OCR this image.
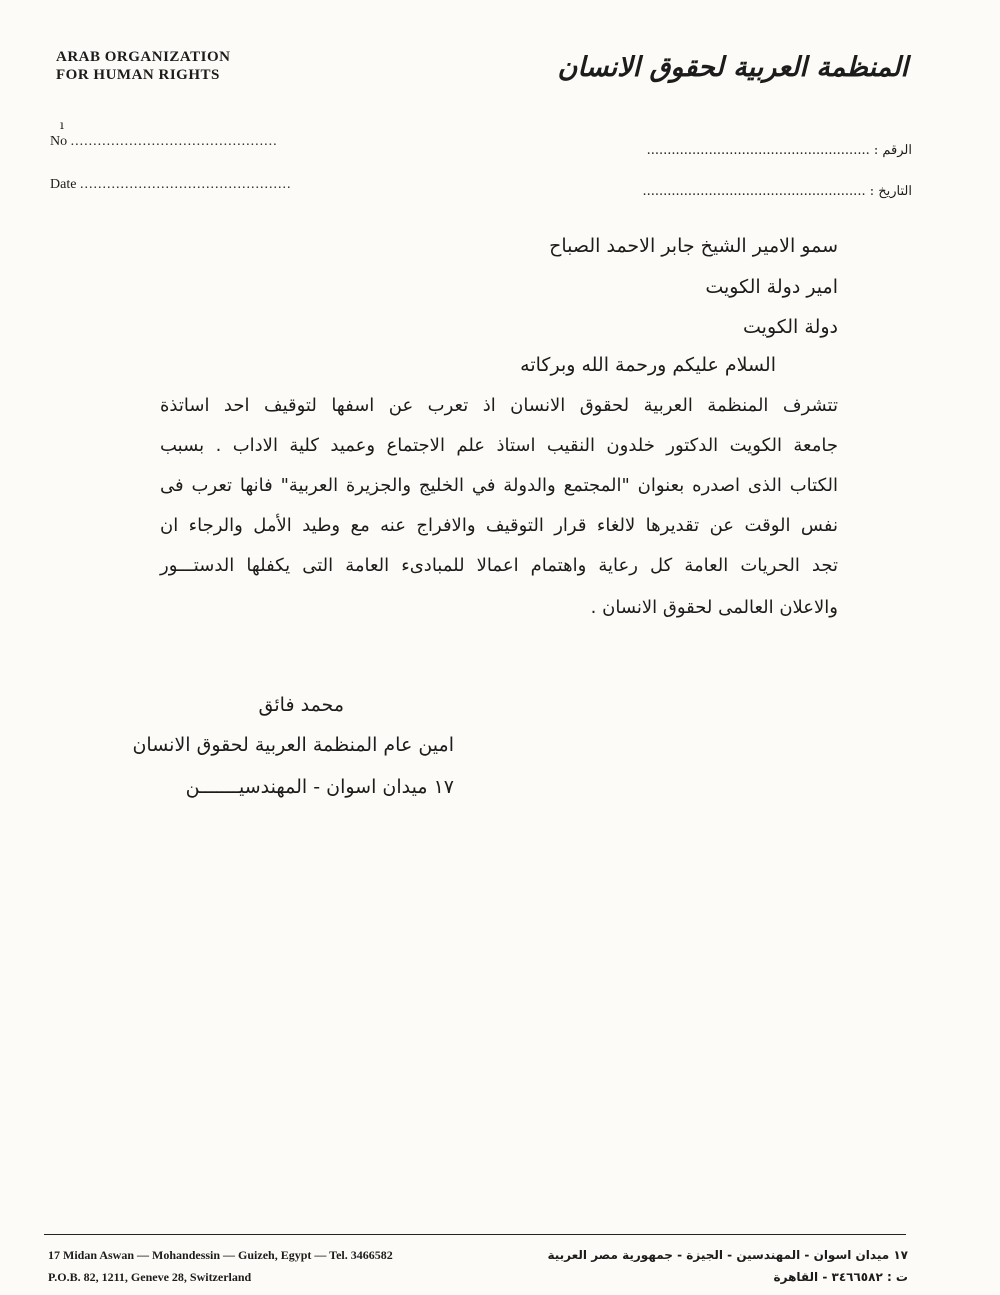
ARAB ORGANIZATION
FOR HUMAN RIGHTS	المنظمة العربية لحقوق الانسان
ı
No ..............................................
Date ...............................................
الرقم : ......................................................
التاريخ : ......................................................
سمو الامير الشيخ جابر الاحمد الصباح
امير دولة الكويت
دولة الكويت
السلام عليكم ورحمة الله وبركاته
تتشرف المنظمة العربية لحقوق الانسان اذ تعرب عن اسفها لتوقيف احد اساتذة
جامعة الكويت الدكتور خلدون النقيب استاذ علم الاجتماع وعميد كلية الاداب . بسبب
الكتاب الذى اصدره بعنوان "المجتمع والدولة في الخليج والجزيرة العربية" فانها تعرب فى
نفس الوقت عن تقديرها لالغاء قرار التوقيف والافراج عنه مع وطيد الأمل والرجاء ان
تجد الحريات العامة كل رعاية واهتمام اعمالا للمبادىء العامة التى يكفلها الدستـــور
والاعلان العالمى لحقوق الانسان .
محمد فائق
امين عام المنظمة العربية لحقوق الانسان
١٧ ميدان اسوان - المهندسيـــــــن
17 Midan Aswan — Mohandessin — Guizeh, Egypt — Tel. 3466582
P.O.B. 82, 1211, Geneve 28, Switzerland
١٧ ميدان اسوان - المهندسين - الجيزة - جمهورية مصر العربية
ت : ٣٤٦٦٥٨٢ - القاهرة
